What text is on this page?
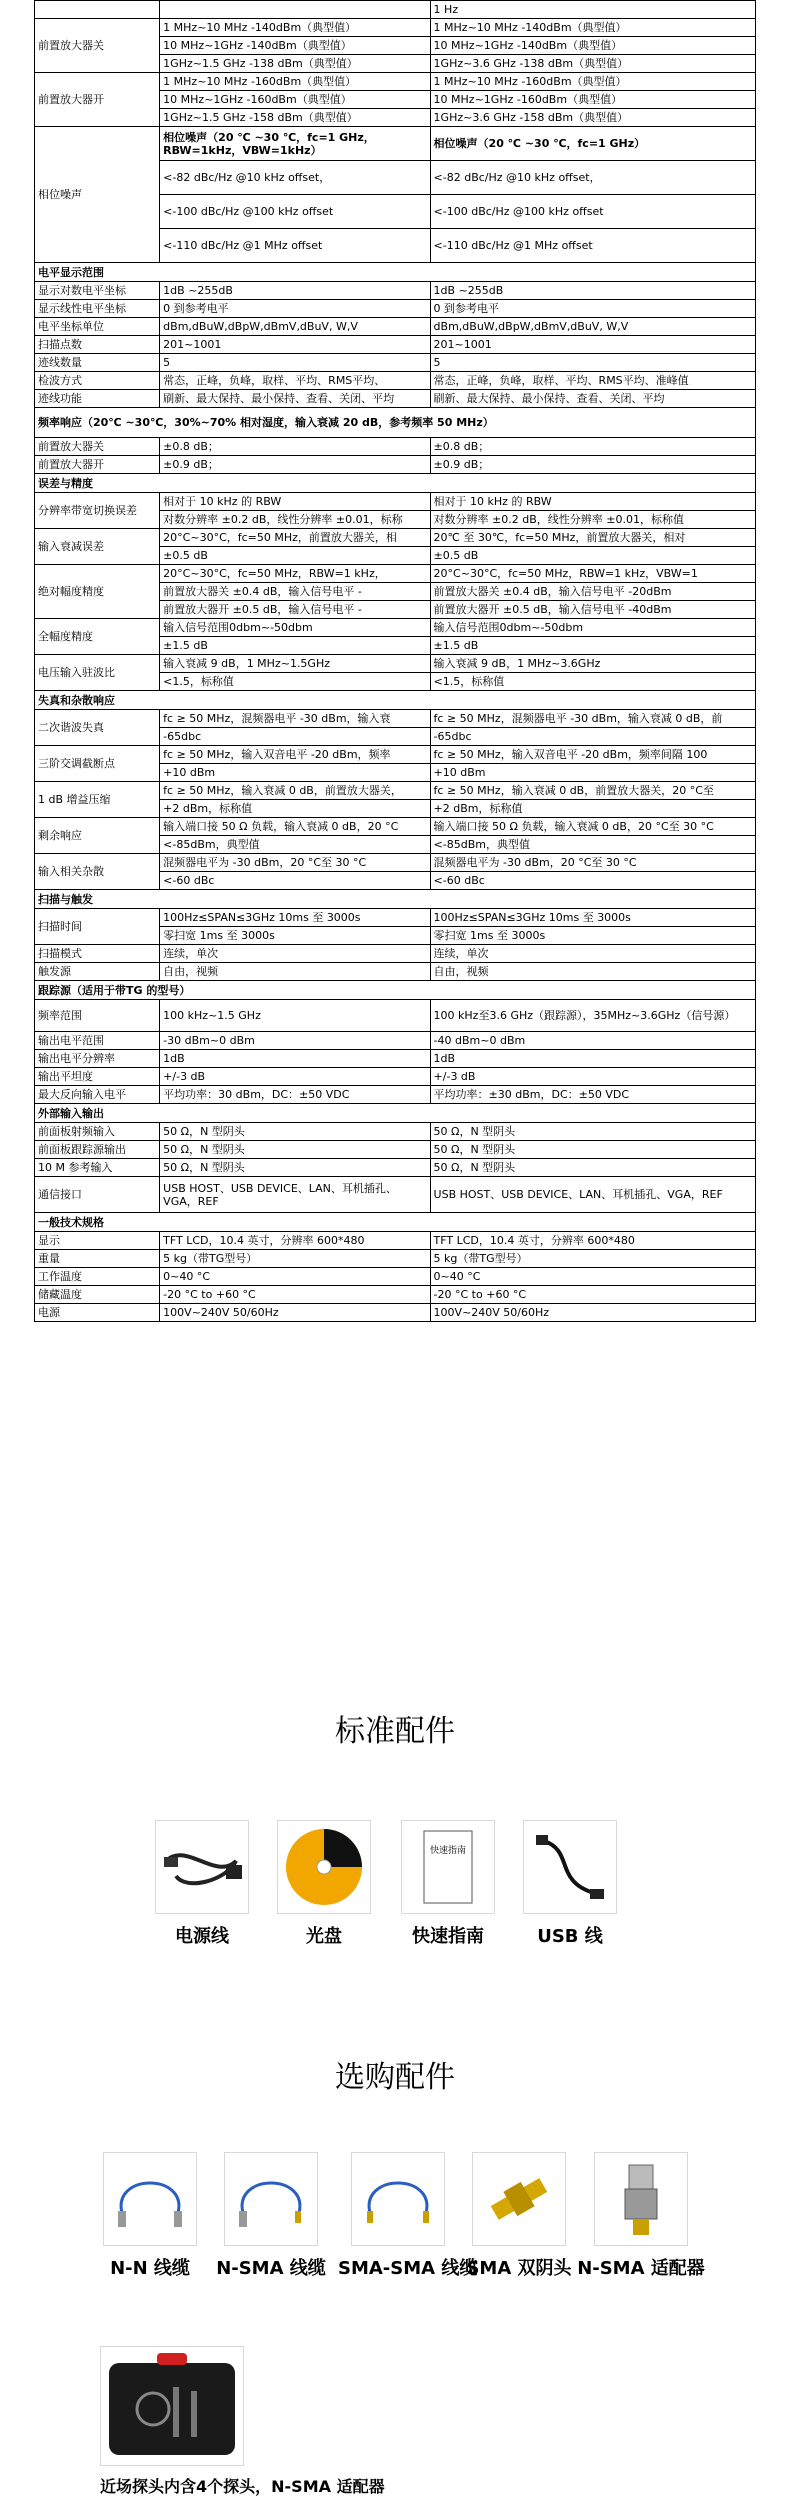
		1 Hz
前置放大器关	1 MHz~10 MHz -140dBm（典型值）	1 MHz~10 MHz -140dBm（典型值）
	10 MHz~1GHz -140dBm（典型值）	10 MHz~1GHz -140dBm（典型值）
	1GHz~1.5 GHz -138 dBm（典型值）	1GHz~3.6 GHz -138 dBm（典型值）
前置放大器开	1 MHz~10 MHz -160dBm（典型值）	1 MHz~10 MHz -160dBm（典型值）
	10 MHz~1GHz -160dBm（典型值）	10 MHz~1GHz -160dBm（典型值）
	1GHz~1.5 GHz -158 dBm（典型值）	1GHz~3.6 GHz -158 dBm（典型值）
相位噪声	相位噪声（20 ℃ ~30 ℃，fc=1 GHz，RBW=1kHz，VBW=1kHz）	相位噪声（20 ℃ ~30 ℃，fc=1 GHz）
	<-82 dBc/Hz @10 kHz offset，	<-82 dBc/Hz @10 kHz offset，
	<-100 dBc/Hz @100 kHz offset	<-100 dBc/Hz @100 kHz offset
	<-110 dBc/Hz @1 MHz offset	<-110 dBc/Hz @1 MHz offset
电平显示范围		
显示对数电平坐标	1dB ~255dB	1dB ~255dB
显示线性电平坐标	0 到参考电平	0 到参考电平
电平坐标单位	dBm,dBuW,dBpW,dBmV,dBuV, W,V	dBm,dBuW,dBpW,dBmV,dBuV, W,V
扫描点数	201~1001	201~1001
迹线数量	5	5
检波方式	常态，正峰，负峰，取样、平均、RMS平均、	常态，正峰，负峰，取样、平均、RMS平均、准峰值
迹线功能	刷新、最大保持、最小保持、查看、关闭、平均	刷新、最大保持、最小保持、查看、关闭、平均
频率响应（20℃ ~30℃，30%~70% 相对湿度，输入衰减 20 dB，参考频率 50 MHz）		
前置放大器关	±0.8 dB；	±0.8 dB；
前置放大器开	±0.9 dB；	±0.9 dB；
误差与精度		
分辨率带宽切换误差	相对于 10 kHz 的 RBW	相对于 10 kHz 的 RBW
	对数分辨率 ±0.2 dB，线性分辨率 ±0.01，标称	对数分辨率 ±0.2 dB，线性分辨率 ±0.01，标称值
输入衰减误差	20°C~30°C，fc=50 MHz，前置放大器关，相	20℃ 至 30℃，fc=50 MHz，前置放大器关，相对
	±0.5 dB	±0.5 dB
绝对幅度精度	20°C~30°C，fc=50 MHz，RBW=1 kHz，	20°C~30°C，fc=50 MHz，RBW=1 kHz，VBW=1
	前置放大器关 ±0.4 dB，输入信号电平 -	前置放大器关 ±0.4 dB，输入信号电平 -20dBm
	前置放大器开 ±0.5 dB，输入信号电平 -	前置放大器开 ±0.5 dB，输入信号电平 -40dBm
全幅度精度	输入信号范围0dbm~-50dbm	输入信号范围0dbm~-50dbm
	±1.5 dB	±1.5 dB
电压输入驻波比	输入衰减 9 dB，1 MHz~1.5GHz	输入衰减 9 dB，1 MHz~3.6GHz
	<1.5，标称值	<1.5，标称值
失真和杂散响应		
二次谐波失真	fc ≥ 50 MHz，混频器电平 -30 dBm，输入衰	fc ≥ 50 MHz，混频器电平 -30 dBm，输入衰减 0 dB，前
	-65dbc	-65dbc
三阶交调截断点	fc ≥ 50 MHz，输入双音电平 -20 dBm，频率	fc ≥ 50 MHz，输入双音电平 -20 dBm，频率间隔 100
	+10 dBm	+10 dBm
1 dB 增益压缩	fc ≥ 50 MHz，输入衰减 0 dB，前置放大器关，	fc ≥ 50 MHz，输入衰减 0 dB，前置放大器关，20 °C至
	+2 dBm，标称值	+2 dBm，标称值
剩余响应	输入端口接 50 Ω 负载，输入衰减 0 dB，20 °C	输入端口接 50 Ω 负载，输入衰减 0 dB，20 °C至 30 °C
	<-85dBm，典型值	<-85dBm，典型值
输入相关杂散	混频器电平为 -30 dBm，20 °C至 30 °C	混频器电平为 -30 dBm，20 °C至 30 °C
	<-60 dBc	<-60 dBc
扫描与触发		
扫描时间	100Hz≤SPAN≤3GHz 10ms 至 3000s	100Hz≤SPAN≤3GHz 10ms 至 3000s
	零扫宽 1ms 至 3000s	零扫宽 1ms 至 3000s
扫描模式	连续，单次	连续，单次
触发源	自由，视频	自由，视频
跟踪源（适用于带TG 的型号）		
频率范围	100 kHz~1.5 GHz	100 kHz至3.6 GHz（跟踪源），35MHz~3.6GHz（信号源）
输出电平范围	-30 dBm~0 dBm	-40 dBm~0 dBm
输出电平分辨率	1dB	1dB
输出平坦度	+/-3 dB	+/-3 dB
最大反向输入电平	平均功率：30 dBm，DC：±50 VDC	平均功率：±30 dBm，DC：±50 VDC
外部输入输出		
前面板射频输入	50 Ω，N 型阴头	50 Ω，N 型阴头
前面板跟踪源输出	50 Ω，N 型阴头	50 Ω，N 型阴头
10 M 参考输入	50 Ω，N 型阴头	50 Ω，N 型阴头
通信接口	USB HOST、USB DEVICE、LAN、耳机插孔、VGA，REF	USB HOST、USB DEVICE、LAN、耳机插孔、VGA，REF
一般技术规格		
显示	TFT LCD，10.4 英寸，分辨率 600*480	TFT LCD，10.4 英寸，分辨率 600*480
重量	5 kg（带TG型号）	5 kg（带TG型号）
工作温度	0~40 °C	0~40 °C
储藏温度	-20 °C to +60 °C	-20 °C to +60 °C
电源	100V~240V 50/60Hz	100V~240V 50/60Hz
标准配件
电源线	光盘
快速指南
快速指南	USB 线
选购配件
N-N 线缆	N-SMA 线缆 SMA-SMA 线缆
SMA 双阴头 N-SMA 适配器
近场探头内含4个探头，N-SMA 适配器
